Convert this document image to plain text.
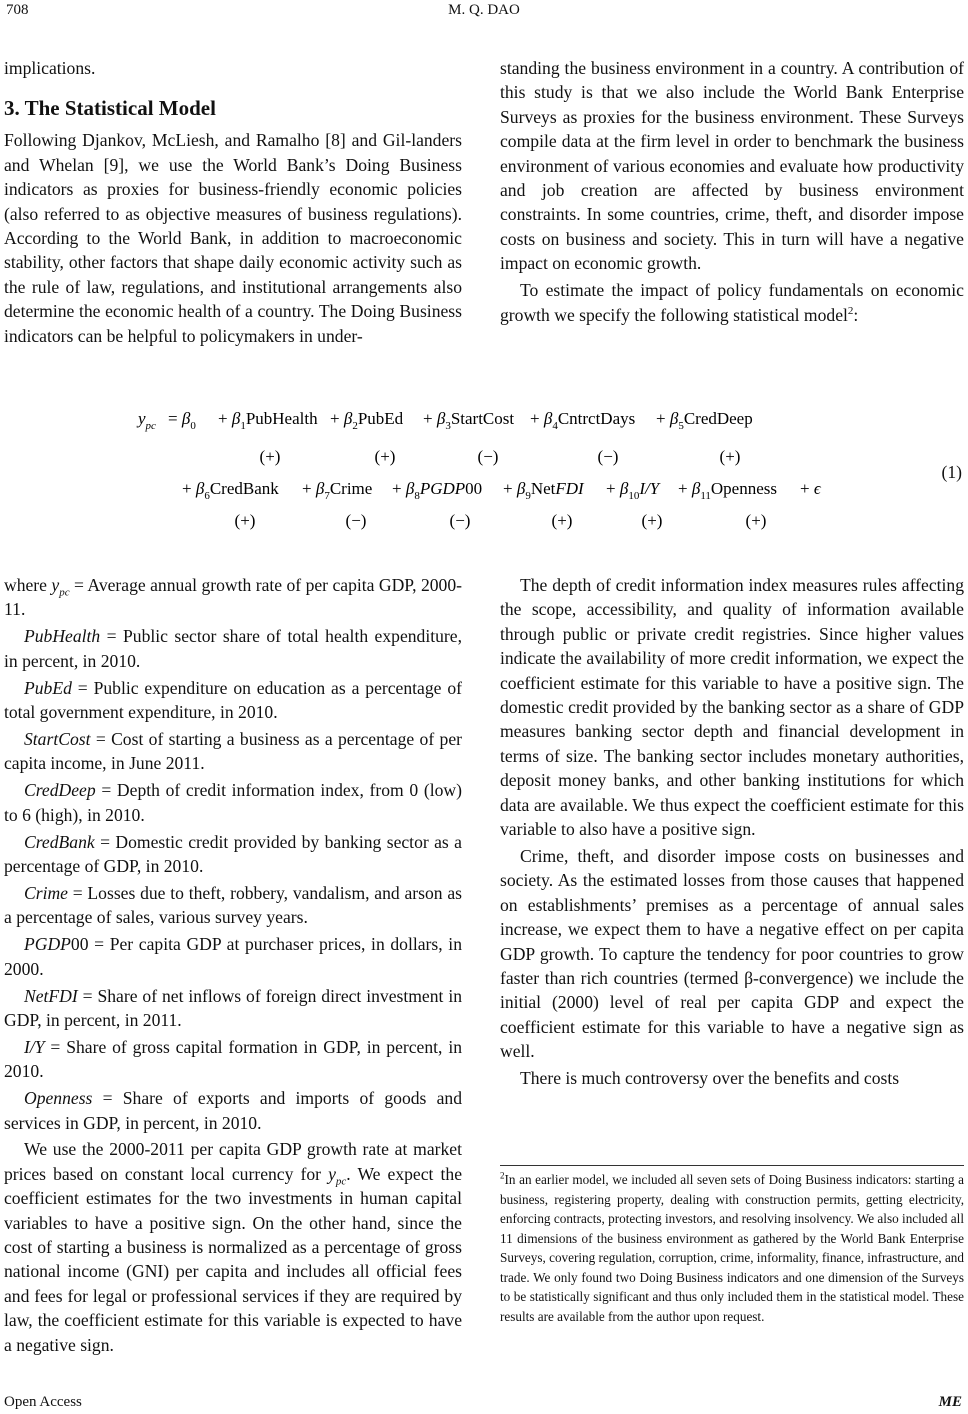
708	M. Q. DAO

implications.

3. The Statistical Model

Following Djankov, McLiesh, and Ramalho [8] and Gil-landers and Whelan [9], we use the World Bank’s Doing Business indicators as proxies for business-friendly economic policies (also referred to as objective measures of business regulations). According to the World Bank, in addition to macroeconomic stability, other factors that shape daily economic activity such as the rule of law, regulations, and institutional arrangements also determine the economic health of a country. The Doing Business indicators can be helpful to policymakers in under-

where $y_{pc}$ = Average annual growth rate of per capita GDP, 2000-11.

PubHealth = Public sector share of total health expenditure, in percent, in 2010.

PubEd = Public expenditure on education as a percentage of total government expenditure, in 2010.

StartCost = Cost of starting a business as a percentage of per capita income, in June 2011.

CredDeep = Depth of credit information index, from 0 (low) to 6 (high), in 2010.

CredBank = Domestic credit provided by banking sector as a percentage of GDP, in 2010.

Crime = Losses due to theft, robbery, vandalism, and arson as a percentage of sales, various survey years.

PGDP00 = Per capita GDP at purchaser prices, in dollars, in 2000.

NetFDI = Share of net inflows of foreign direct investment in GDP, in percent, in 2011.

I/Y = Share of gross capital formation in GDP, in percent, in 2010.

Openness = Share of exports and imports of goods and services in GDP, in percent, in 2010.

We use the 2000-2011 per capita GDP growth rate at market prices based on constant local currency for $y_{pc}$. We expect the coefficient estimates for the two investments in human capital variables to have a positive sign. On the other hand, since the cost of starting a business is normalized as a percentage of gross national income (GNI) per capita and includes all official fees and fees for legal or professional services if they are required by law, the coefficient estimate for this variable is expected to have a negative sign.

standing the business environment in a country. A contribution of this study is that we also include the World Bank Enterprise Surveys as proxies for the business environment. These Surveys compile data at the firm level in order to benchmark the business environment of various economies and evaluate how productivity and job creation are affected by business environment constraints. In some countries, crime, theft, and disorder impose costs on business and society. This in turn will have a negative impact on economic growth.

To estimate the impact of policy fundamentals on economic growth we specify the following statistical model$^2$:

The depth of credit information index measures rules affecting the scope, accessibility, and quality of information available through public or private credit registries. Since higher values indicate the availability of more credit information, we expect the coefficient estimate for this variable to have a positive sign. The domestic credit provided by the banking sector as a share of GDP measures banking sector depth and financial development in terms of size. The banking sector includes monetary authorities, deposit money banks, and other banking institutions for which data are available. We thus expect the coefficient estimate for this variable to also have a positive sign.

Crime, theft, and disorder impose costs on businesses and society. As the estimated losses from those causes that happened on establishments’ premises as a percentage of annual sales increase, we expect them to have a negative effect on per capita GDP growth. To capture the tendency for poor countries to grow faster than rich countries (termed β-convergence) we include the initial (2000) level of real per capita GDP and expect the coefficient estimate for this variable to have a negative sign as well.

There is much controversy over the benefits and costs

$y_{pc} = \beta_0$ + $\beta_1PubHealth$ + $\beta_2PubEd$ + $\beta_3StartCost$ + $\beta_4CntrctDays$ + $\beta_5CredDeep$
(+)	(+)	(−)	(−)	(+)
+ $\beta_6CredBank$ + $\beta_7Crime$ + $\beta_8PGDP00$ + $\beta_9NetFDI + \beta_{10}I/Y$ + $\beta_{11}Openness + \epsilon$
(+)	(−)	(−)	(+)	(+)	(+)
(1)
$^2$In an earlier model, we included all seven sets of Doing Business indicators: starting a business, registering property, dealing with construction permits, getting electricity, enforcing contracts, protecting investors, and resolving insolvency. We also included all 11 dimensions of the business environment as gathered by the World Bank Enterprise Surveys, covering regulation, corruption, crime, informality, finance, infrastructure, and trade. We only found two Doing Business indicators and one dimension of the Surveys to be statistically significant and thus only included them in the statistical model. These results are available from the author upon request.
Open Access	ME
